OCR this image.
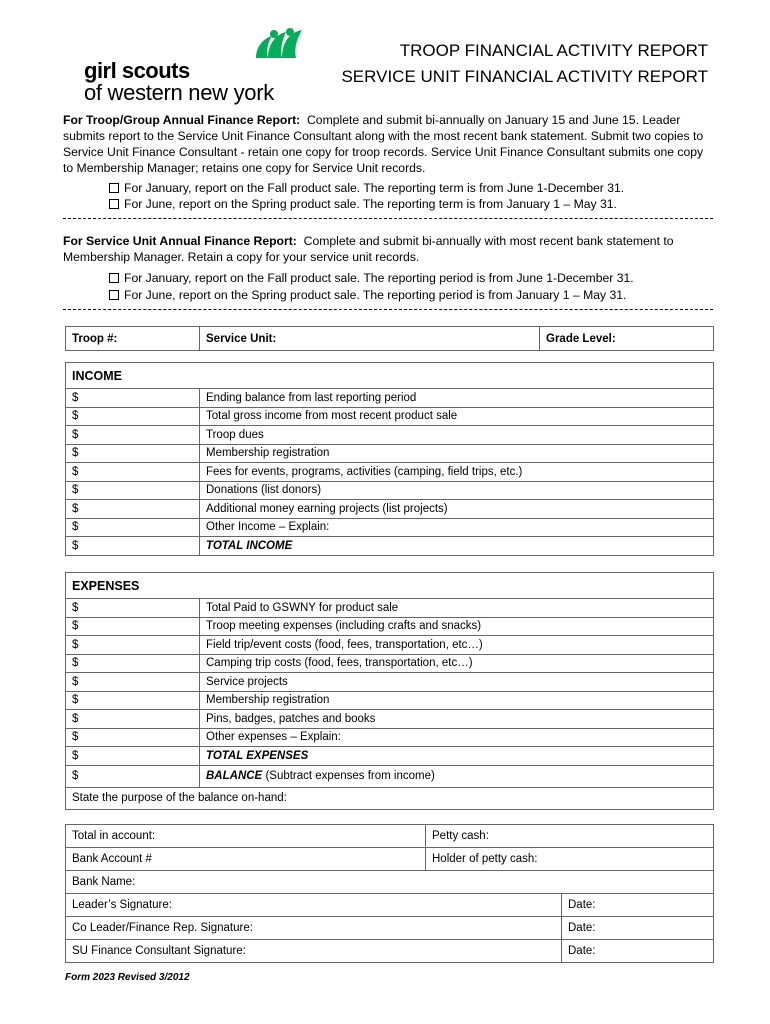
girl scouts
of western new york
TROOP FINANCIAL ACTIVITY REPORT
SERVICE UNIT FINANCIAL ACTIVITY REPORT
For Troop/Group Annual Finance Report: Complete and submit bi-annually on January 15 and June 15. Leader submits report to the Service Unit Finance Consultant along with the most recent bank statement. Submit two copies to Service Unit Finance Consultant - retain one copy for troop records. Service Unit Finance Consultant submits one copy to Membership Manager; retains one copy for Service Unit records.
For January, report on the Fall product sale. The reporting term is from June 1-December 31.
For June, report on the Spring product sale. The reporting term is from January 1 – May 31.
For Service Unit Annual Finance Report: Complete and submit bi-annually with most recent bank statement to Membership Manager. Retain a copy for your service unit records.
For January, report on the Fall product sale. The reporting period is from June 1-December 31.
For June, report on the Spring product sale. The reporting period is from January 1 – May 31.
Troop #:	Service Unit:	Grade Level:
INCOME	
$	Ending balance from last reporting period
$	Total gross income from most recent product sale
$	Troop dues
$	Membership registration
$	Fees for events, programs, activities (camping, field trips, etc.)
$	Donations (list donors)
$	Additional money earning projects (list projects)
$	Other Income – Explain:
$	TOTAL INCOME
EXPENSES	
$	Total Paid to GSWNY for product sale
$	Troop meeting expenses (including crafts and snacks)
$	Field trip/event costs (food, fees, transportation, etc…)
$	Camping trip costs (food, fees, transportation, etc…)
$	Service projects
$	Membership registration
$	Pins, badges, patches and books
$	Other expenses – Explain:
$	TOTAL EXPENSES
$	BALANCE (Subtract expenses from income)
State the purpose of the balance on-hand:	
Total in account:	Petty cash:	
Bank Account #	Holder of petty cash:	
Bank Name:		
Leader’s Signature:		Date:
Co Leader/Finance Rep. Signature:		Date:
SU Finance Consultant Signature:		Date:
Form 2023 Revised 3/2012
